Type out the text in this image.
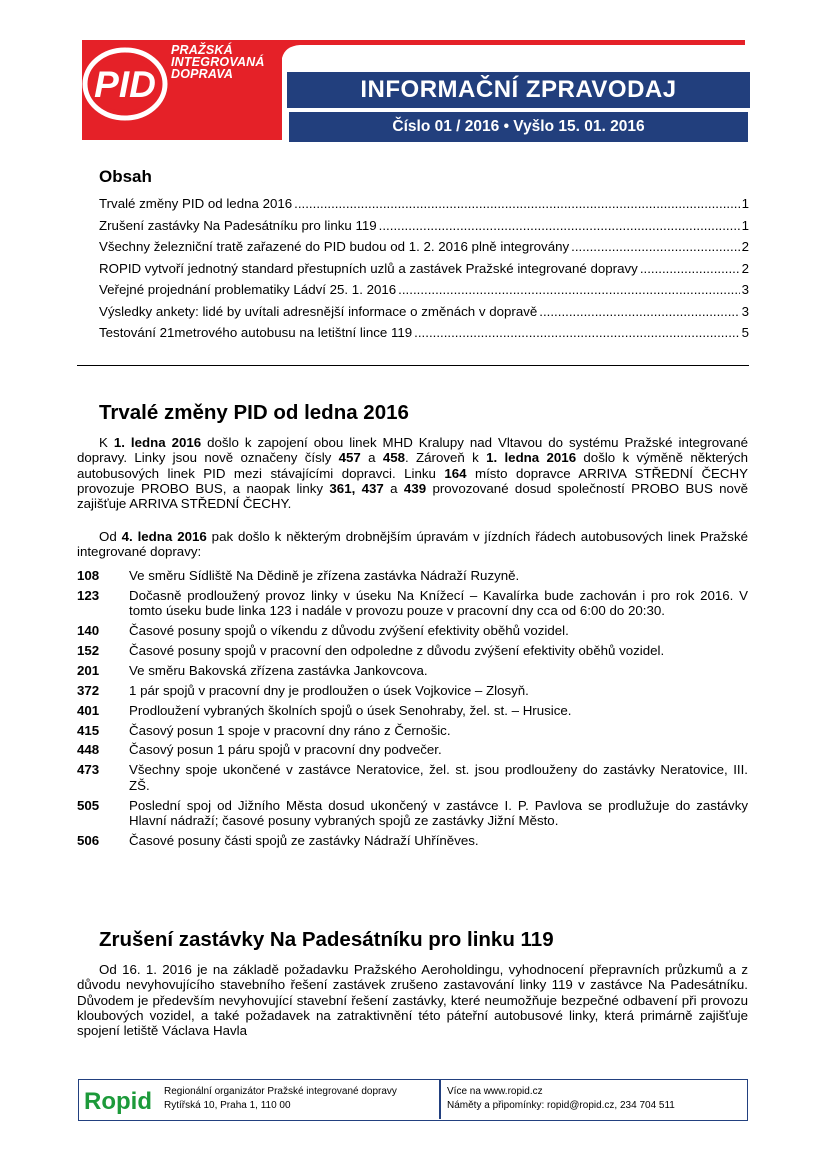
PID
PRAŽSKÁ
INTEGROVANÁ
DOPRAVA
INFORMAČNÍ ZPRAVODAJ
Číslo 01 / 2016 • Vyšlo 15. 01. 2016
Obsah
Trvalé změny PID od ledna 2016 .....	1
Zrušení zastávky Na Padesátníku pro linku 119 .....	1
Všechny železniční tratě zařazené do PID budou od 1. 2. 2016 plně integrovány .....	2
ROPID vytvoří jednotný standard přestupních uzlů a zastávek Pražské integrované dopravy .....	2
Veřejné projednání problematiky Ládví 25. 1. 2016 .....	3
Výsledky ankety: lidé by uvítali adresnější informace o změnách v dopravě .....	3
Testování 21metrového autobusu na letištní lince 119 .....	5
Trvalé změny PID od ledna 2016

K 1. ledna 2016 došlo k zapojení obou linek MHD Kralupy nad Vltavou do systému Pražské integrované dopravy. Linky jsou nově označeny čísly 457 a 458. Zároveň k 1. ledna 2016 došlo k výměně některých autobusových linek PID mezi stávajícími dopravci. Linku 164 místo dopravce ARRIVA STŘEDNÍ ČECHY provozuje PROBO BUS, a naopak linky 361, 437 a 439 provozované dosud společností PROBO BUS nově zajišťuje ARRIVA STŘEDNÍ ČECHY.

Od 4. ledna 2016 pak došlo k některým drobnějším úpravám v jízdních řádech autobusových linek Pražské integrované dopravy:

108	Ve směru Sídliště Na Dědině je zřízena zastávka Nádraží Ruzyně.
123	Dočasně prodloužený provoz linky v úseku Na Knížecí – Kavalírka bude zachován i pro rok 2016. V tomto úseku bude linka 123 i nadále v provozu pouze v pracovní dny cca od 6:00 do 20:30.
140	Časové posuny spojů o víkendu z důvodu zvýšení efektivity oběhů vozidel.
152	Časové posuny spojů v pracovní den odpoledne z důvodu zvýšení efektivity oběhů vozidel.
201	Ve směru Bakovská zřízena zastávka Jankovcova.
372	1 pár spojů v pracovní dny je prodloužen o úsek Vojkovice – Zlosyň.
401	Prodloužení vybraných školních spojů o úsek Senohraby, žel. st. – Hrusice.
415	Časový posun 1 spoje v pracovní dny ráno z Černošic.
448	Časový posun 1 páru spojů v pracovní dny podvečer.
473	Všechny spoje ukončené v zastávce Neratovice, žel. st. jsou prodlouženy do zastávky Neratovice, III. ZŠ.
505	Poslední spoj od Jižního Města dosud ukončený v zastávce I. P. Pavlova se prodlužuje do zastávky Hlavní nádraží; časové posuny vybraných spojů ze zastávky Jižní Město.
506	Časové posuny části spojů ze zastávky Nádraží Uhříněves.
Zrušení zastávky Na Padesátníku pro linku 119

Od 16. 1. 2016 je na základě požadavku Pražského Aeroholdingu, vyhodnocení přepravních průzkumů a z důvodu nevyhovujícího stavebního řešení zastávek zrušeno zastavování linky 119 v zastávce Na Padesátníku. Důvodem je především nevyhovující stavební řešení zastávky, které neumožňuje bezpečné odbavení při provozu kloubových vozidel, a také požadavek na zatraktivnění této páteřní autobusové linky, která primárně zajišťuje spojení letiště Václava Havla

Ropid Regionální organizátor Pražské integrované dopravy
Rytířská 10, Praha 1, 110 00
Více na www.ropid.cz
Náměty a připomínky: ropid@ropid.cz, 234 704 511
